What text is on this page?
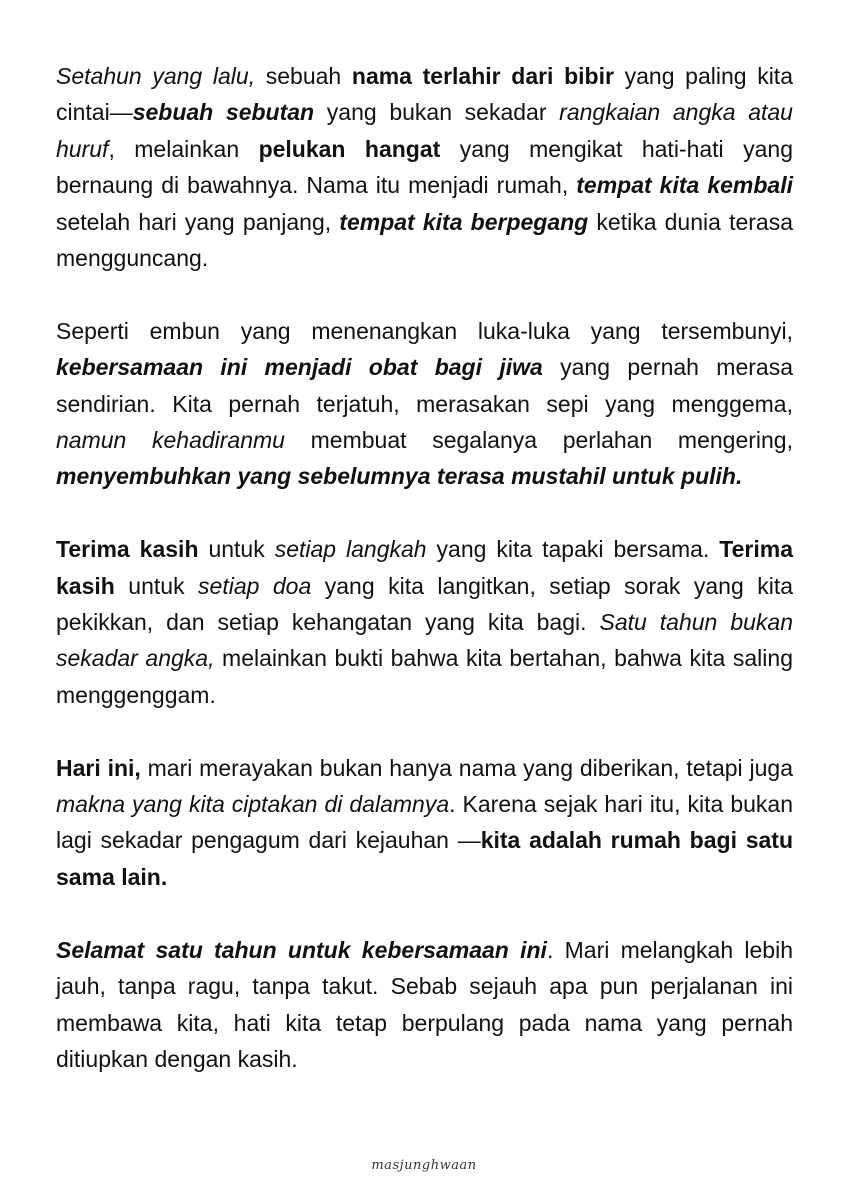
Setahun yang lalu, sebuah nama terlahir dari bibir yang paling kita cintai—sebuah sebutan yang bukan sekadar rangkaian angka atau huruf, melainkan pelukan hangat yang mengikat hati-hati yang bernaung di bawahnya. Nama itu menjadi rumah, tempat kita kembali setelah hari yang panjang, tempat kita berpegang ketika dunia terasa mengguncang.

Seperti embun yang menenangkan luka-luka yang tersembunyi, kebersamaan ini menjadi obat bagi jiwa yang pernah merasa sendirian. Kita pernah terjatuh, merasakan sepi yang menggema, namun kehadiranmu membuat segalanya perlahan mengering, menyembuhkan yang sebelumnya terasa mustahil untuk pulih.

Terima kasih untuk setiap langkah yang kita tapaki bersama. Terima kasih untuk setiap doa yang kita langitkan, setiap sorak yang kita pekikkan, dan setiap kehangatan yang kita bagi. Satu tahun bukan sekadar angka, melainkan bukti bahwa kita bertahan, bahwa kita saling menggenggam.

Hari ini, mari merayakan bukan hanya nama yang diberikan, tetapi juga makna yang kita ciptakan di dalamnya. Karena sejak hari itu, kita bukan lagi sekadar pengagum dari kejauhan —kita adalah rumah bagi satu sama lain.

Selamat satu tahun untuk kebersamaan ini. Mari melangkah lebih jauh, tanpa ragu, tanpa takut. Sebab sejauh apa pun perjalanan ini membawa kita, hati kita tetap berpulang pada nama yang pernah ditiupkan dengan kasih.

masjunghwaan
